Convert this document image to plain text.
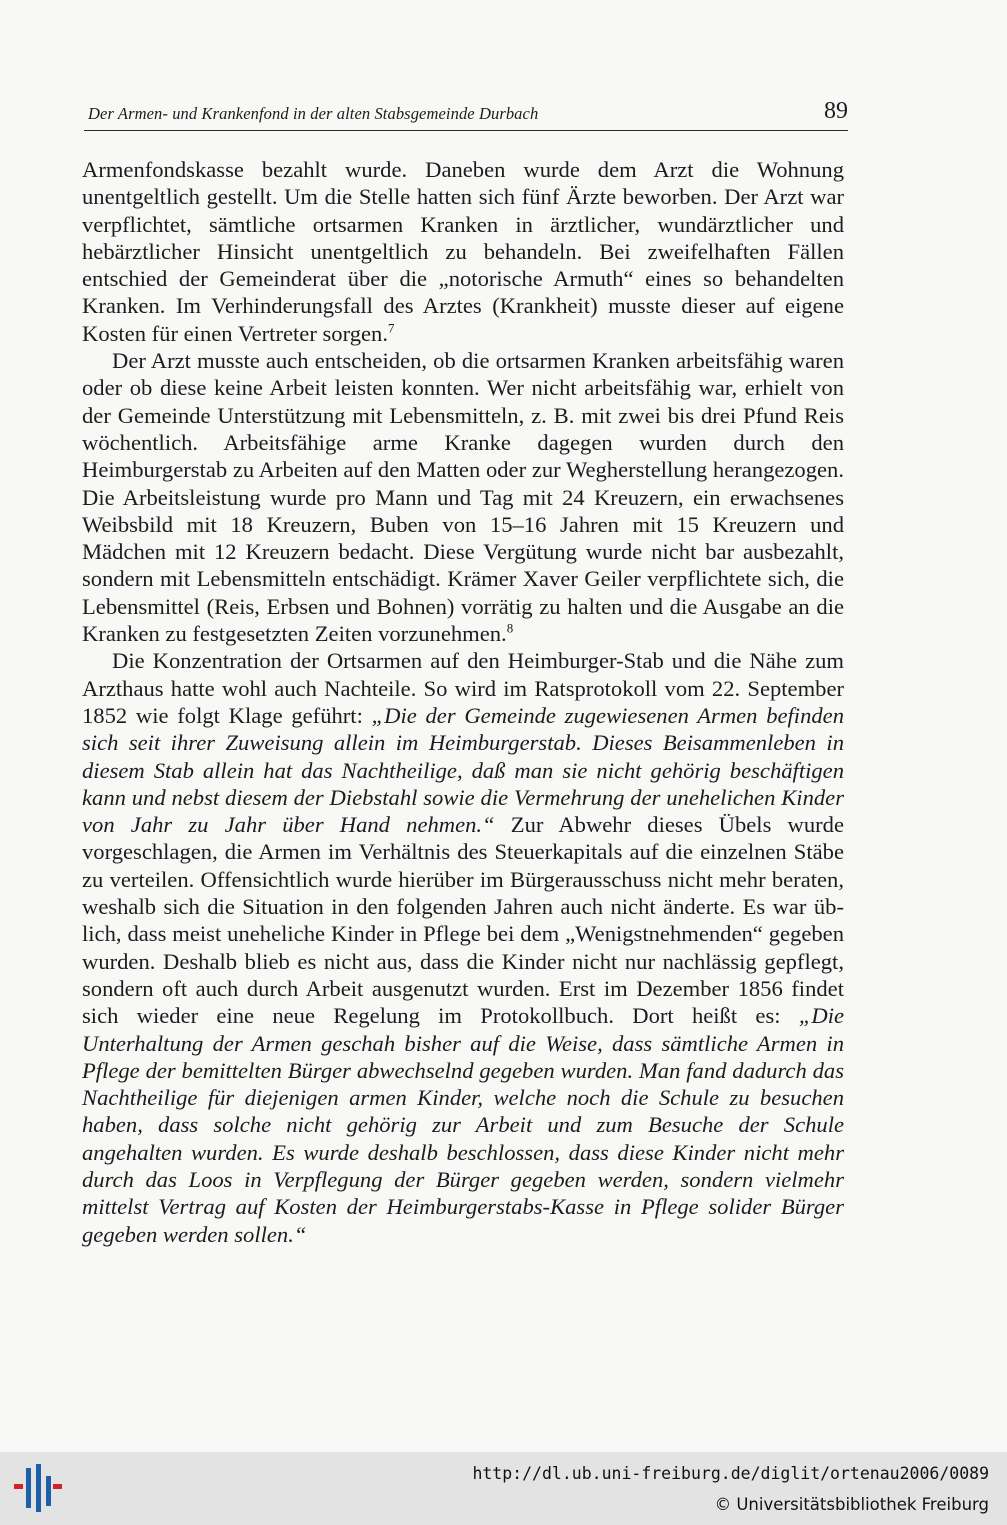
Der Armen- und Krankenfond in der alten Stabsgemeinde Durbach	89

Armenfondskasse bezahlt wurde. Daneben wurde dem Arzt die Wohnung unentgeltlich gestellt. Um die Stelle hatten sich fünf Ärzte beworben. Der Arzt war verpflichtet, sämtliche ortsarmen Kranken in ärztlicher, wundärztlicher und hebärztlicher Hinsicht unentgeltlich zu behandeln. Bei zweifelhaften Fällen entschied der Gemeinderat über die „notorische Armuth“ eines so behandelten Kranken. Im Verhinderungsfall des Arztes (Krankheit) musste dieser auf eigene Kosten für einen Vertreter sorgen.$^7$

Der Arzt musste auch entscheiden, ob die ortsarmen Kranken arbeitsfähig waren oder ob diese keine Arbeit leisten konnten. Wer nicht arbeitsfähig war, erhielt von der Gemeinde Unterstützung mit Lebensmitteln, z. B. mit zwei bis drei Pfund Reis wöchentlich. Arbeitsfähige arme Kranke dagegen wurden durch den Heimburgerstab zu Arbeiten auf den Matten oder zur Wegherstellung herangezogen. Die Arbeitsleistung wurde pro Mann und Tag mit 24 Kreuzern, ein erwachsenes Weibsbild mit 18 Kreuzern, Buben von 15–16 Jahren mit 15 Kreuzern und Mädchen mit 12 Kreuzern bedacht. Diese Vergütung wurde nicht bar ausbezahlt, sondern mit Lebensmitteln entschädigt. Krämer Xaver Geiler verpflichtete sich, die Lebensmittel (Reis, Erbsen und Bohnen) vorrätig zu halten und die Ausgabe an die Kranken zu festgesetzten Zeiten vorzunehmen.$^8$

Die Konzentration der Ortsarmen auf den Heimburger-Stab und die Nähe zum Arzthaus hatte wohl auch Nachteile. So wird im Ratsprotokoll vom 22. September 1852 wie folgt Klage geführt: „Die der Gemeinde zugewiesenen Armen befinden sich seit ihrer Zuweisung allein im Heimburgerstab. Dieses Beisammenleben in diesem Stab allein hat das Nachtheilige, daß man sie nicht gehörig beschäftigen kann und nebst diesem der Diebstahl sowie die Vermehrung der unehelichen Kinder von Jahr zu Jahr über Hand nehmen.“ Zur Abwehr dieses Übels wurde vorgeschlagen, die Armen im Verhältnis des Steuerkapitals auf die einzelnen Stäbe zu verteilen. Offensichtlich wurde hierüber im Bürgerausschuss nicht mehr beraten, weshalb sich die Situation in den folgenden Jahren auch nicht änderte. Es war üblich, dass meist uneheliche Kinder in Pflege bei dem „Wenigstnehmenden“ gegeben wurden. Deshalb blieb es nicht aus, dass die Kinder nicht nur nachlässig gepflegt, sondern oft auch durch Arbeit ausgenutzt wurden. Erst im Dezember 1856 findet sich wieder eine neue Regelung im Protokollbuch. Dort heißt es: „Die Unterhaltung der Armen geschah bisher auf die Weise, dass sämtliche Armen in Pflege der bemittelten Bürger abwechselnd gegeben wurden. Man fand dadurch das Nachtheilige für diejenigen armen Kinder, welche noch die Schule zu besuchen haben, dass solche nicht gehörig zur Arbeit und zum Besuche der Schule angehalten wurden. Es wurde deshalb beschlossen, dass diese Kinder nicht mehr durch das Loos in Verpflegung der Bürger gegeben werden, sondern vielmehr mittelst Vertrag auf Kosten der Heimburgerstabs-Kasse in Pflege solider Bürger gegeben werden sollen.“

http://dl.ub.uni-freiburg.de/diglit/ortenau2006/0089
© Universitätsbibliothek Freiburg
